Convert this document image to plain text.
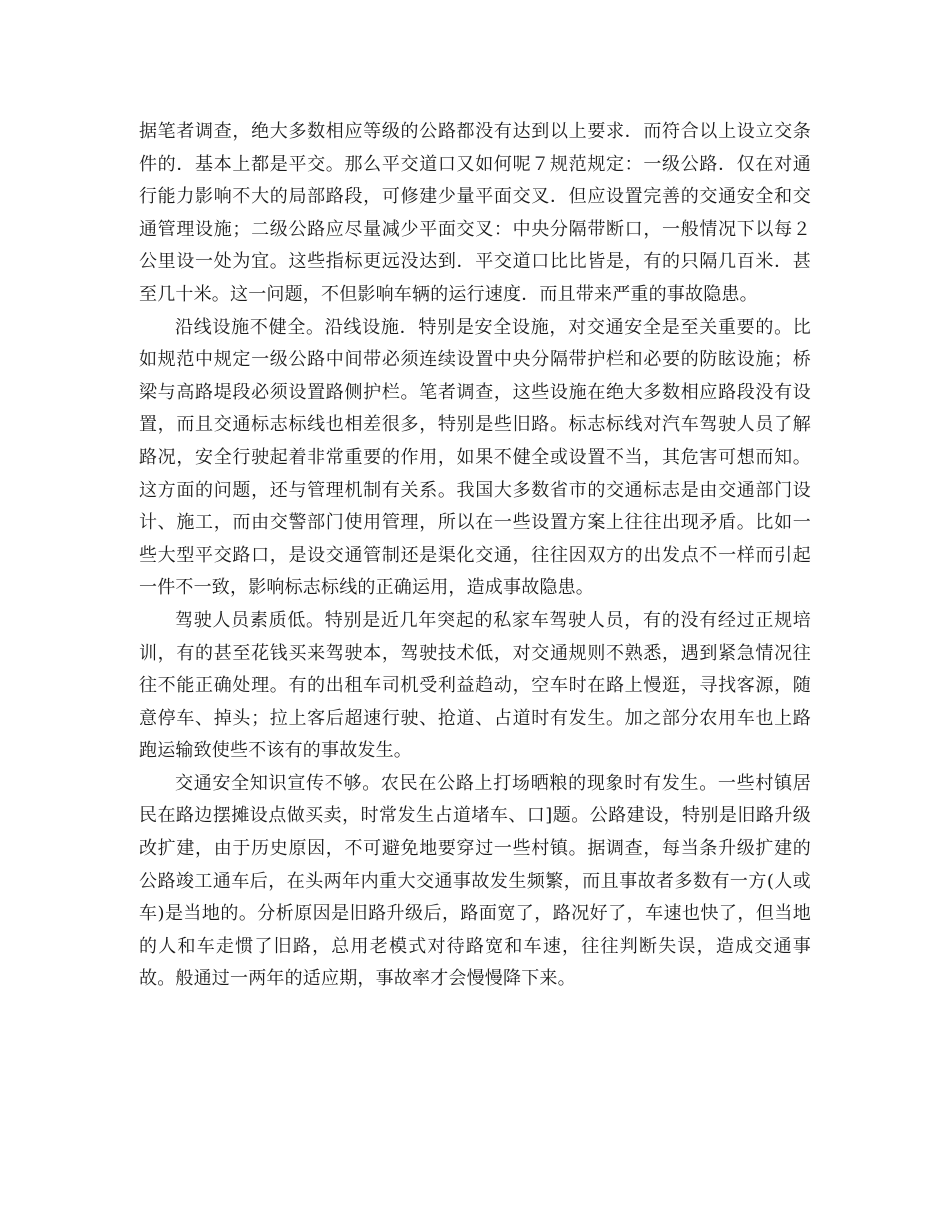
据笔者调查，绝大多数相应等级的公路都没有达到以上要求．而符合以上设立交条件的．基本上都是平交。那么平交道口又如何呢７规范规定：一级公路．仅在对通行能力影响不大的局部路段，可修建少量平面交叉．但应设置完善的交通安全和交通管理设施；二级公路应尽量减少平面交叉：中央分隔带断口，一般情况下以每２公里设一处为宜。这些指标更远没达到．平交道口比比皆是，有的只隔几百米．甚至几十米。这一问题，不但影响车辆的运行速度．而且带来严重的事故隐患。

沿线设施不健全。沿线设施．特别是安全设施，对交通安全是至关重要的。比如规范中规定一级公路中间带必须连续设置中央分隔带护栏和必要的防眩设施；桥梁与高路堤段必须设置路侧护栏。笔者调查，这些设施在绝大多数相应路段没有设置，而且交通标志标线也相差很多，特别是些旧路。标志标线对汽车驾驶人员了解路况，安全行驶起着非常重要的作用，如果不健全或设置不当，其危害可想而知。这方面的问题，还与管理机制有关系。我国大多数省市的交通标志是由交通部门设计、施工，而由交警部门使用管理，所以在一些设置方案上往往出现矛盾。比如一些大型平交路口，是设交通管制还是渠化交通，往往因双方的出发点不一样而引起一件不一致，影响标志标线的正确运用，造成事故隐患。

驾驶人员素质低。特别是近几年突起的私家车驾驶人员，有的没有经过正规培训，有的甚至花钱买来驾驶本，驾驶技术低，对交通规则不熟悉，遇到紧急情况往往不能正确处理。有的出租车司机受利益趋动，空车时在路上慢逛，寻找客源，随意停车、掉头；拉上客后超速行驶、抢道、占道时有发生。加之部分农用车也上路跑运输致使些不该有的事故发生。

交通安全知识宣传不够。农民在公路上打场晒粮的现象时有发生。一些村镇居民在路边摆摊设点做买卖，时常发生占道堵车、口]题。公路建设，特别是旧路升级改扩建，由于历史原因，不可避免地要穿过一些村镇。据调查，每当条升级扩建的公路竣工通车后，在头两年内重大交通事故发生频繁，而且事故者多数有一方(人或车)是当地的。分析原因是旧路升级后，路面宽了，路况好了，车速也快了，但当地的人和车走惯了旧路，总用老模式对待路宽和车速，往往判断失误，造成交通事故。般通过一两年的适应期，事故率才会慢慢降下来。
